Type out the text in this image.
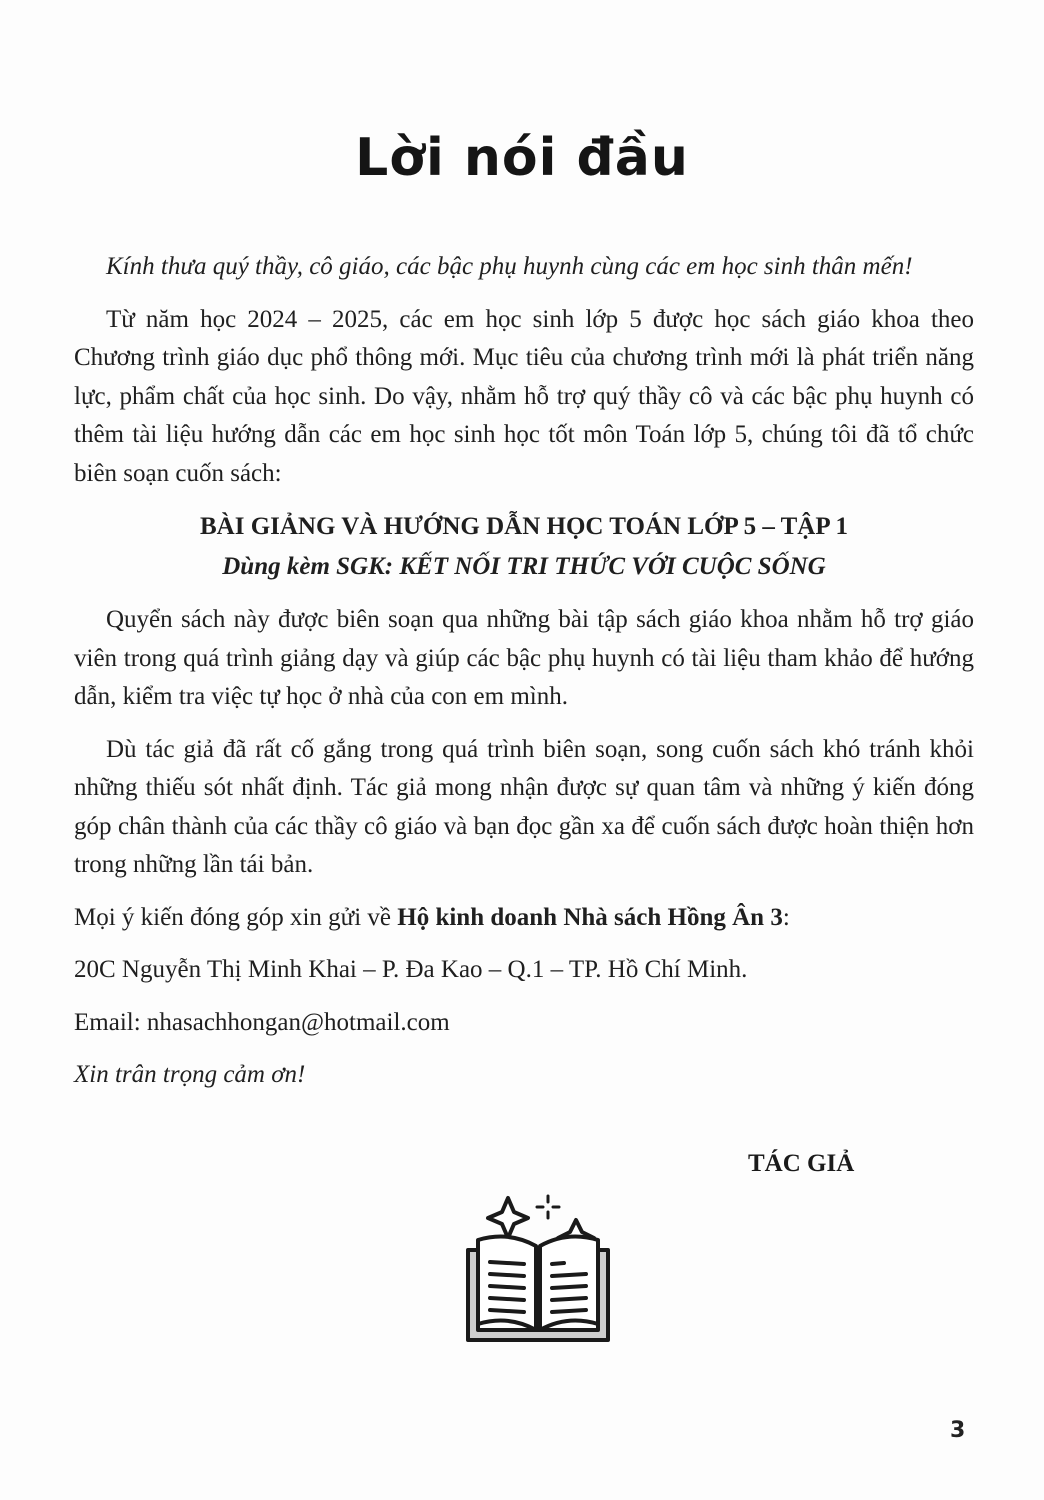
Lời nói đầu

Kính thưa quý thầy, cô giáo, các bậc phụ huynh cùng các em học sinh thân mến!

Từ năm học 2024 – 2025, các em học sinh lớp 5 được học sách giáo khoa theo Chương trình giáo dục phổ thông mới. Mục tiêu của chương trình mới là phát triển năng lực, phẩm chất của học sinh. Do vậy, nhằm hỗ trợ quý thầy cô và các bậc phụ huynh có thêm tài liệu hướng dẫn các em học sinh học tốt môn Toán lớp 5, chúng tôi đã tổ chức biên soạn cuốn sách:

BÀI GIẢNG VÀ HƯỚNG DẪN HỌC TOÁN LỚP 5 – TẬP 1
Dùng kèm SGK: KẾT NỐI TRI THỨC VỚI CUỘC SỐNG

Quyển sách này được biên soạn qua những bài tập sách giáo khoa nhằm hỗ trợ giáo viên trong quá trình giảng dạy và giúp các bậc phụ huynh có tài liệu tham khảo để hướng dẫn, kiểm tra việc tự học ở nhà của con em mình.

Dù tác giả đã rất cố gắng trong quá trình biên soạn, song cuốn sách khó tránh khỏi những thiếu sót nhất định. Tác giả mong nhận được sự quan tâm và những ý kiến đóng góp chân thành của các thầy cô giáo và bạn đọc gần xa để cuốn sách được hoàn thiện hơn trong những lần tái bản.

Mọi ý kiến đóng góp xin gửi về Hộ kinh doanh Nhà sách Hồng Ân 3:
20C Nguyễn Thị Minh Khai – P. Đa Kao – Q.1 – TP. Hồ Chí Minh.
Email: nhasachhongan@hotmail.com
Xin trân trọng cảm ơn!
TÁC GIẢ
3
